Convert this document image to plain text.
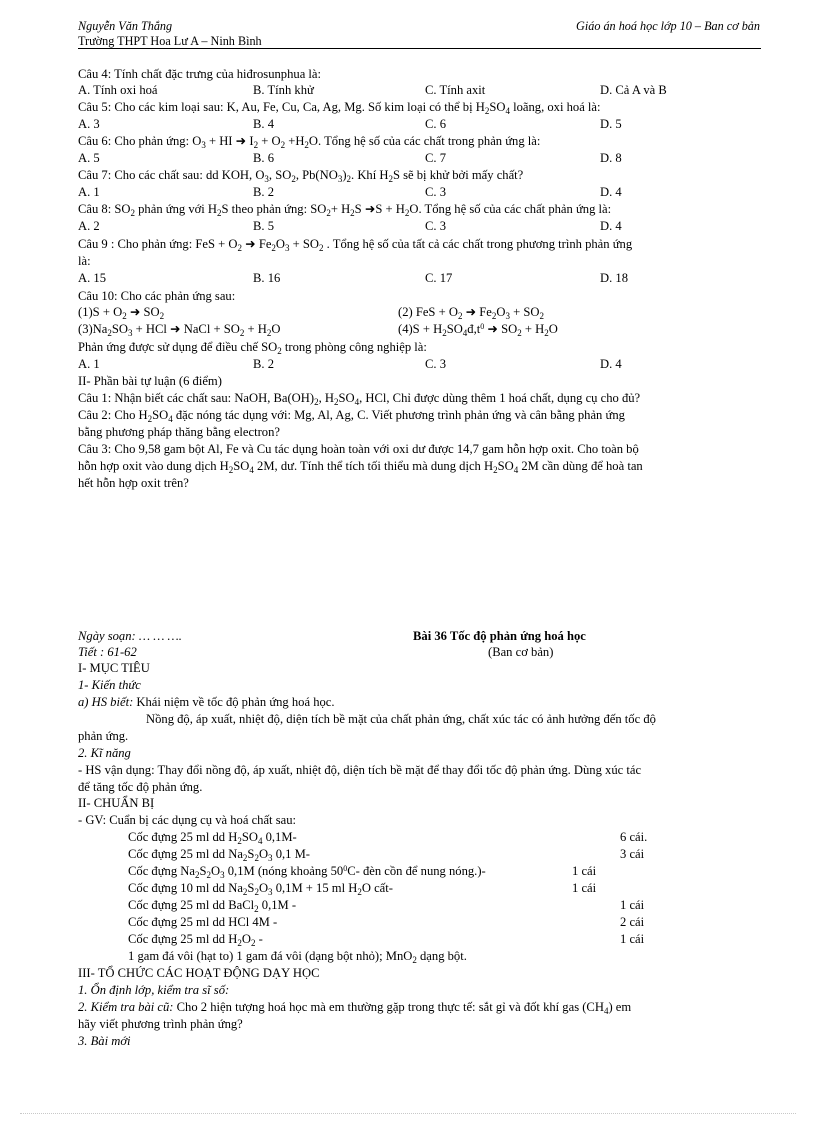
Nguyễn Văn Thắng
Trường THPT Hoa Lư A – Ninh Bình
Giáo án hoá học lớp 10 – Ban cơ bản
Câu 4: Tính chất đặc trưng của hiđrosunphua là:
A. Tính oxi hoá	B. Tính khử	C. Tính axit	D. Cả A và B
Câu 5: Cho các kim loại sau: K, Au, Fe, Cu, Ca, Ag, Mg. Số kim loại có thể bị $H_2SO_4$ loãng, oxi hoá là:
A. 3	B. 4	C. 6	D. 5
Câu 6: Cho phản ứng: $O_3$ + HI ➜ $I_2 + O_2 +H_2O$. Tổng hệ số của các chất trong phản ứng là:
A. 5	B. 6	C. 7	D. 8
Câu 7: Cho các chất sau: dd KOH, $O_3$, $SO_2$, $Pb(NO_3)_2$. Khí $H_2S$ sẽ bị khử bởi mấy chất?
A. 1	B. 2	C. 3	D. 4
Câu 8: $SO_2$ phản ứng với $H_2S$ theo phản ứng: $SO_2+ H_2S$ ➜S + $H_2O$. Tổng hệ số của các chất phản ứng là:
A. 2	B. 5	C. 3	D. 4
Câu 9 : Cho phản ứng: FeS + $O_2$ ➜ $Fe_2O_3 + SO_2$ . Tổng hệ số của tất cả các chất trong phương trình phản ứng
là:
A. 15	B. 16	C. 17	D. 18
Câu 10: Cho các phản ứng sau:
$(1)S + O_2$ ➜ $SO_2$	(2) FeS + $O_2$ ➜ $Fe_2O_3 + SO_2$
$(3)Na_2SO_3$ + HCl ➜ NaCl + $SO_2 + H_2O$	$(4)S + H_2SO_4đ,t^0$ ➜ $SO_2 + H_2O$
Phản ứng được sử dụng để điều chế $SO_2$ trong phòng công nghiệp là:
A. 1	B. 2	C. 3	D. 4
II- Phần bài tự luận (6 điểm)
Câu 1: Nhận biết các chất sau: NaOH, $Ba(OH)_2$, $H_2SO_4$, HCl, Chỉ được dùng thêm 1 hoá chất, dụng cụ cho đủ?
Câu 2: Cho $H_2SO_4$ đặc nóng tác dụng với: Mg, Al, Ag, C. Viết phương trình phản ứng và cân bằng phản ứng
bằng phương pháp thăng bằng electron?
Câu 3: Cho 9,58 gam bột Al, Fe và Cu tác dụng hoàn toàn với oxi dư được 14,7 gam hỗn hợp oxit. Cho toàn bộ
hỗn hợp oxit vào dung dịch $H_2SO_4$ 2M, dư. Tính thể tích tối thiểu mà dung dịch $H_2SO_4$ 2M cần dùng để hoà tan
hết hỗn hợp oxit trên?
Ngày soạn: … … ….	Bài 36 Tốc độ phản ứng hoá học
Tiết : 61-62	(Ban cơ bản)
I- MỤC TIÊU
1- Kiến thức
a) HS biết: Khái niệm về tốc độ phản ứng hoá học.
Nồng độ, áp xuất, nhiệt độ, diện tích bề mặt của chất phản ứng, chất xúc tác có ảnh hưởng đến tốc độ
phản ứng.
2. Kĩ năng
- HS vận dụng: Thay đổi nồng độ, áp xuất, nhiệt độ, diện tích bề mặt để thay đổi tốc độ phản ứng. Dùng xúc tác
để tăng tốc độ phản ứng.
II- CHUẨN BỊ
- GV: Cuẩn bị các dụng cụ và hoá chất sau:
Cốc đựng 25 ml dd $H_2SO_4$ 0,1M-	6 cái.
Cốc đựng 25 ml dd $Na_2S_2O_3$ 0,1 M-	3 cái
Cốc đựng $Na_2S_2O_3$ 0,1M (nóng khoảng $50^0C-$ đèn cồn để nung nóng.)-	1 cái
Cốc đựng 10 ml dd $Na_2S_2O_3$ 0,1M + 15 ml $H_2O$ cất-	1 cái
Cốc đựng 25 ml dd BaCl$_2$ 0,1M -	1 cái
Cốc đựng 25 ml dd HCl 4M -	2 cái
Cốc đựng 25 ml dd $H_2O_2$ -	1 cái
1 gam đá vôi (hạt to) 1 gam đá vôi (dạng bột nhỏ); MnO$_2$ dạng bột.
III- TỔ CHỨC CÁC HOẠT ĐỘNG DẠY HỌC
1. Ổn định lớp, kiểm tra sĩ số:
2. Kiểm tra bài cũ: Cho 2 hiện tượng hoá học mà em thường gặp trong thực tế: sắt gỉ và đốt khí gas $(CH_4)$ em
hãy viết phương trình phản ứng?
3. Bài mới
